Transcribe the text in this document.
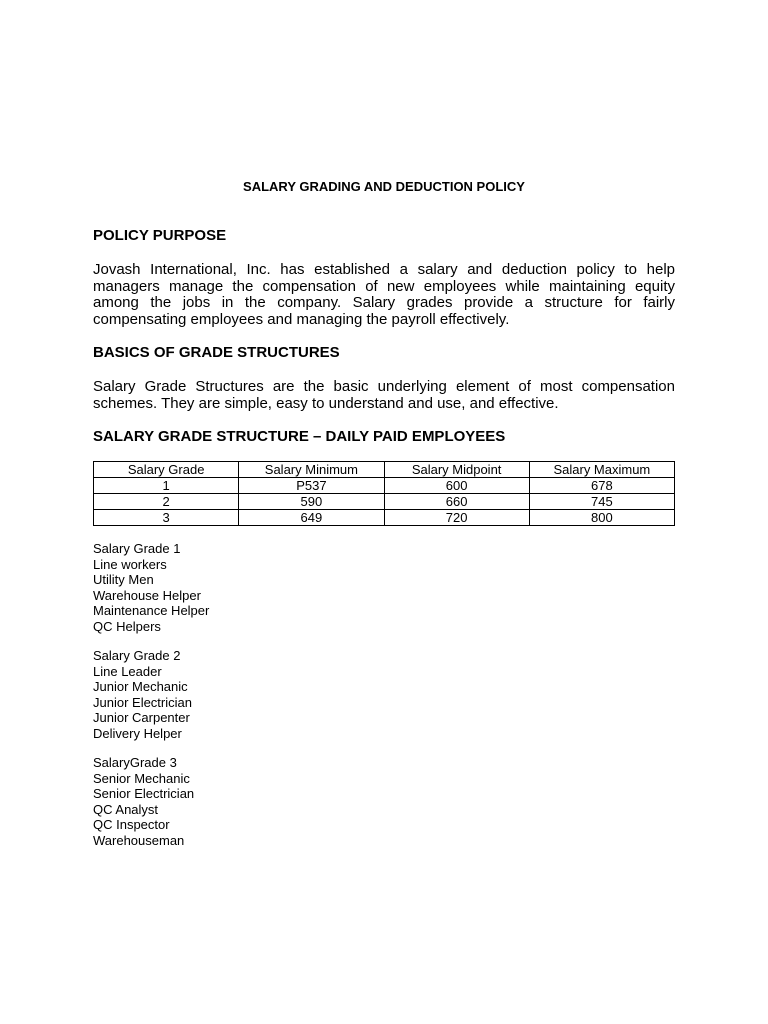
SALARY GRADING AND DEDUCTION POLICY
POLICY PURPOSE
Jovash International, Inc. has established a salary and deduction policy to help managers manage the compensation of new employees while maintaining equity among the jobs in the company. Salary grades provide a structure for fairly compensating employees and managing the payroll effectively.
BASICS OF GRADE STRUCTURES
Salary Grade Structures are the basic underlying element of most compensation schemes. They are simple, easy to understand and use, and effective.
SALARY GRADE STRUCTURE – DAILY PAID EMPLOYEES
Salary Grade	Salary Minimum	Salary Midpoint	Salary Maximum
1	P537	600	678
2	590	660	745
3	649	720	800
Salary Grade 1
Line workers
Utility Men
Warehouse Helper
Maintenance Helper
QC Helpers
Salary Grade 2
Line Leader
Junior Mechanic
Junior Electrician
Junior Carpenter
Delivery Helper
SalaryGrade 3
Senior Mechanic
Senior Electrician
QC Analyst
QC Inspector
Warehouseman
